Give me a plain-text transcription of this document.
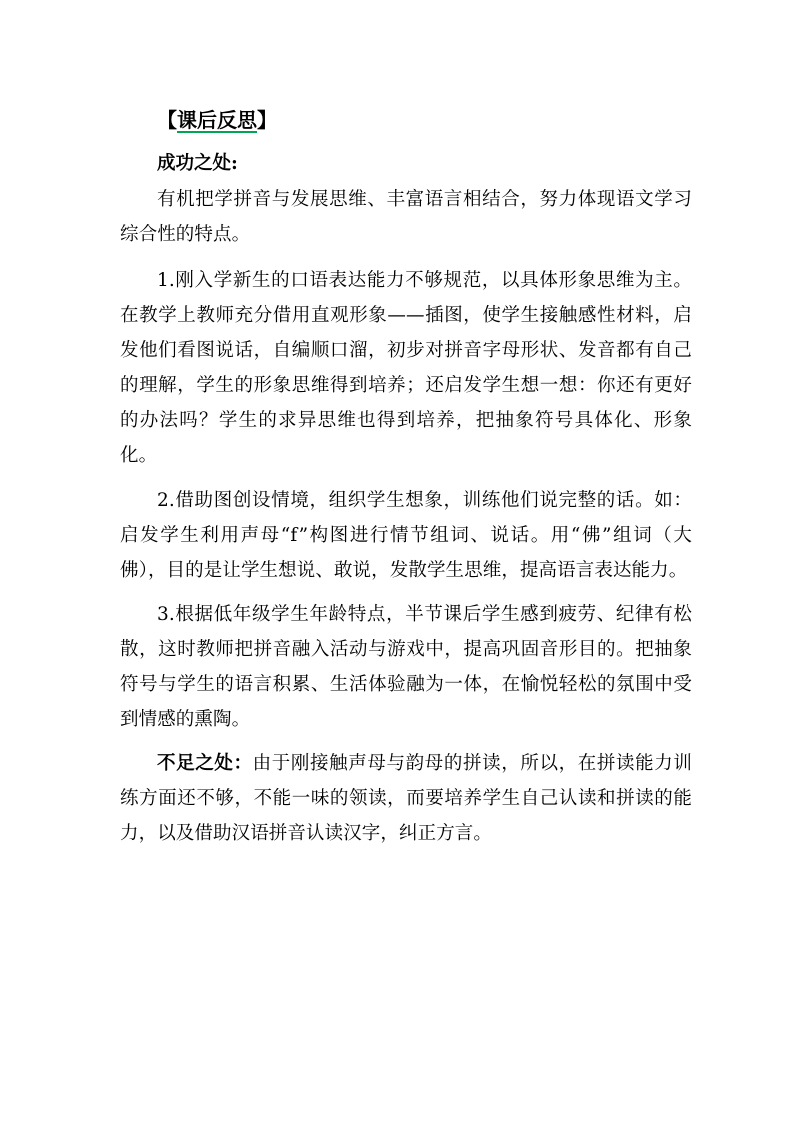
【课后反思】
成功之处:

有机把学拼音与发展思维、丰富语言相结合，努力体现语文学习综合性的特点。

1.刚入学新生的口语表达能力不够规范，以具体形象思维为主。在教学上教师充分借用直观形象——插图，使学生接触感性材料，启发他们看图说话，自编顺口溜，初步对拼音字母形状、发音都有自己的理解，学生的形象思维得到培养；还启发学生想一想：你还有更好的办法吗？学生的求异思维也得到培养，把抽象符号具体化、形象化。

2.借助图创设情境，组织学生想象，训练他们说完整的话。如：启发学生利用声母“f”构图进行情节组词、说话。用“佛”组词（大佛），目的是让学生想说、敢说，发散学生思维，提高语言表达能力。

3.根据低年级学生年龄特点，半节课后学生感到疲劳、纪律有松散，这时教师把拼音融入活动与游戏中，提高巩固音形目的。把抽象符号与学生的语言积累、生活体验融为一体，在愉悦轻松的氛围中受到情感的熏陶。

不足之处：由于刚接触声母与韵母的拼读，所以，在拼读能力训练方面还不够，不能一味的领读，而要培养学生自己认读和拼读的能力，以及借助汉语拼音认读汉字，纠正方言。
